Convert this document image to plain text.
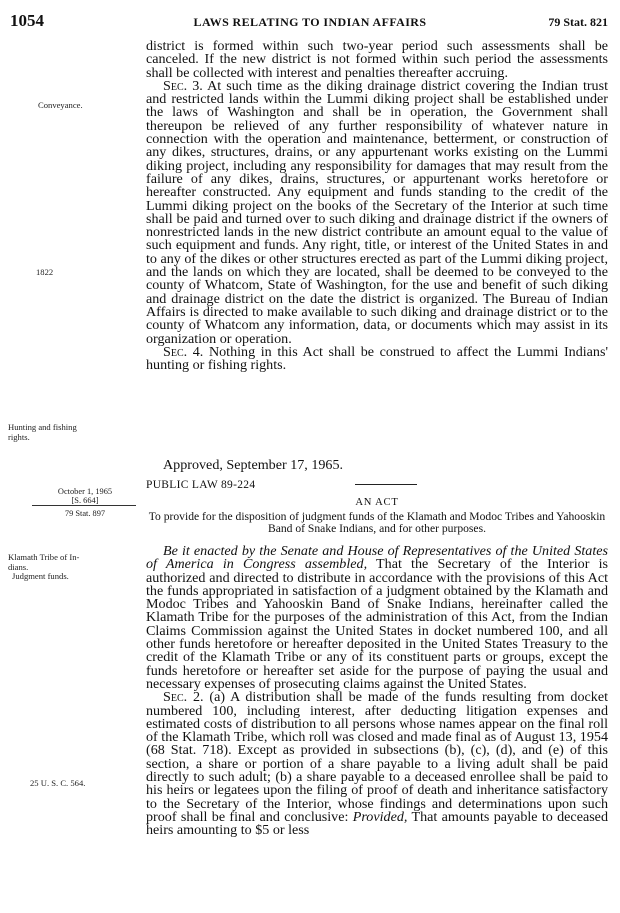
1054	LAWS RELATING TO INDIAN AFFAIRS	79 Stat. 821
Conveyance.
1822
Hunting and fishing
rights.
October 1, 1965
[S. 664]
79 Stat. 897
Klamath Tribe of In-
dians.
Judgment funds.
25 U. S. C. 564.

district is formed within such two-year period such assessments shall be canceled. If the new district is not formed within such period the assessments shall be collected with interest and penalties thereafter accruing.

Sec. 3. At such time as the diking drainage district covering the Indian trust and restricted lands within the Lummi diking project shall be established under the laws of Washington and shall be in operation, the Government shall thereupon be relieved of any further responsibility of whatever nature in connection with the operation and maintenance, betterment, or construction of any dikes, structures, drains, or any appurtenant works existing on the Lummi diking project, including any responsibility for damages that may result from the failure of any dikes, drains, structures, or appurtenant works heretofore or hereafter constructed. Any equipment and funds standing to the credit of the Lummi diking project on the books of the Secretary of the Interior at such time shall be paid and turned over to such diking and drainage district if the owners of nonrestricted lands in the new district contribute an amount equal to the value of such equipment and funds. Any right, title, or interest of the United States in and to any of the dikes or other structures erected as part of the Lummi diking project, and the lands on which they are located, shall be deemed to be conveyed to the county of Whatcom, State of Washington, for the use and benefit of such diking and drainage district on the date the district is organized. The Bureau of Indian Affairs is directed to make available to such diking and drainage district or to the county of Whatcom any information, data, or documents which may assist in its organization or operation.

Sec. 4. Nothing in this Act shall be construed to affect the Lummi Indians' hunting or fishing rights.

Approved, September 17, 1965.
PUBLIC LAW 89-224
AN ACT
To provide for the disposition of judgment funds of the Klamath and Modoc Tribes and Yahooskin Band of Snake Indians, and for other purposes.

Be it enacted by the Senate and House of Representatives of the United States of America in Congress assembled, That the Secretary of the Interior is authorized and directed to distribute in accordance with the provisions of this Act the funds appropriated in satisfaction of a judgment obtained by the Klamath and Modoc Tribes and Yahooskin Band of Snake Indians, hereinafter called the Klamath Tribe for the purposes of the administration of this Act, from the Indian Claims Commission against the United States in docket numbered 100, and all other funds heretofore or hereafter deposited in the United States Treasury to the credit of the Klamath Tribe or any of its constituent parts or groups, except the funds heretofore or hereafter set aside for the purpose of paying the usual and necessary expenses of prosecuting claims against the United States.

Sec. 2. (a) A distribution shall be made of the funds resulting from docket numbered 100, including interest, after deducting litigation expenses and estimated costs of distribution to all persons whose names appear on the final roll of the Klamath Tribe, which roll was closed and made final as of August 13, 1954 (68 Stat. 718). Except as provided in subsections (b), (c), (d), and (e) of this section, a share or portion of a share payable to a living adult shall be paid directly to such adult; (b) a share payable to a deceased enrollee shall be paid to his heirs or legatees upon the filing of proof of death and inheritance satisfactory to the Secretary of the Interior, whose findings and determinations upon such proof shall be final and conclusive: Provided, That amounts payable to deceased heirs amounting to $5 or less
